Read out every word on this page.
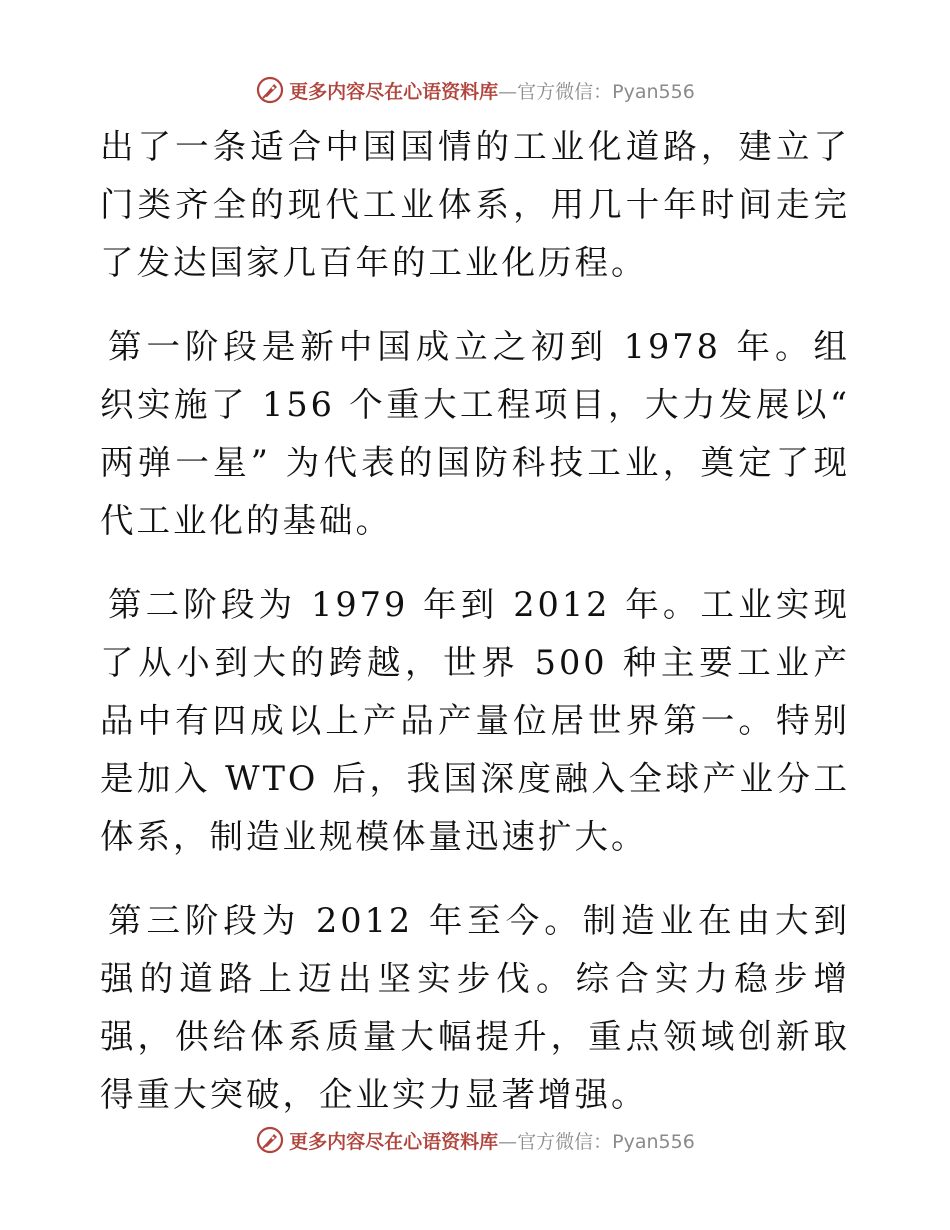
更多内容尽在心语资料库—官方微信：Pyan556

出了一条适合中国国情的工业化道路，建立了门类齐全的现代工业体系，用几十年时间走完了发达国家几百年的工业化历程。

第一阶段是新中国成立之初到 1978 年。组织实施了 156 个重大工程项目，大力发展以“ 两弹一星” 为代表的国防科技工业，奠定了现代工业化的基础。

第二阶段为 1979 年到 2012 年。工业实现了从小到大的跨越，世界 500 种主要工业产品中有四成以上产品产量位居世界第一。特别是加入 WTO 后，我国深度融入全球产业分工体系，制造业规模体量迅速扩大。

第三阶段为 2012 年至今。制造业在由大到强的道路上迈出坚实步伐。综合实力稳步增强，供给体系质量大幅提升，重点领域创新取得重大突破，企业实力显著增强。

更多内容尽在心语资料库—官方微信：Pyan556
